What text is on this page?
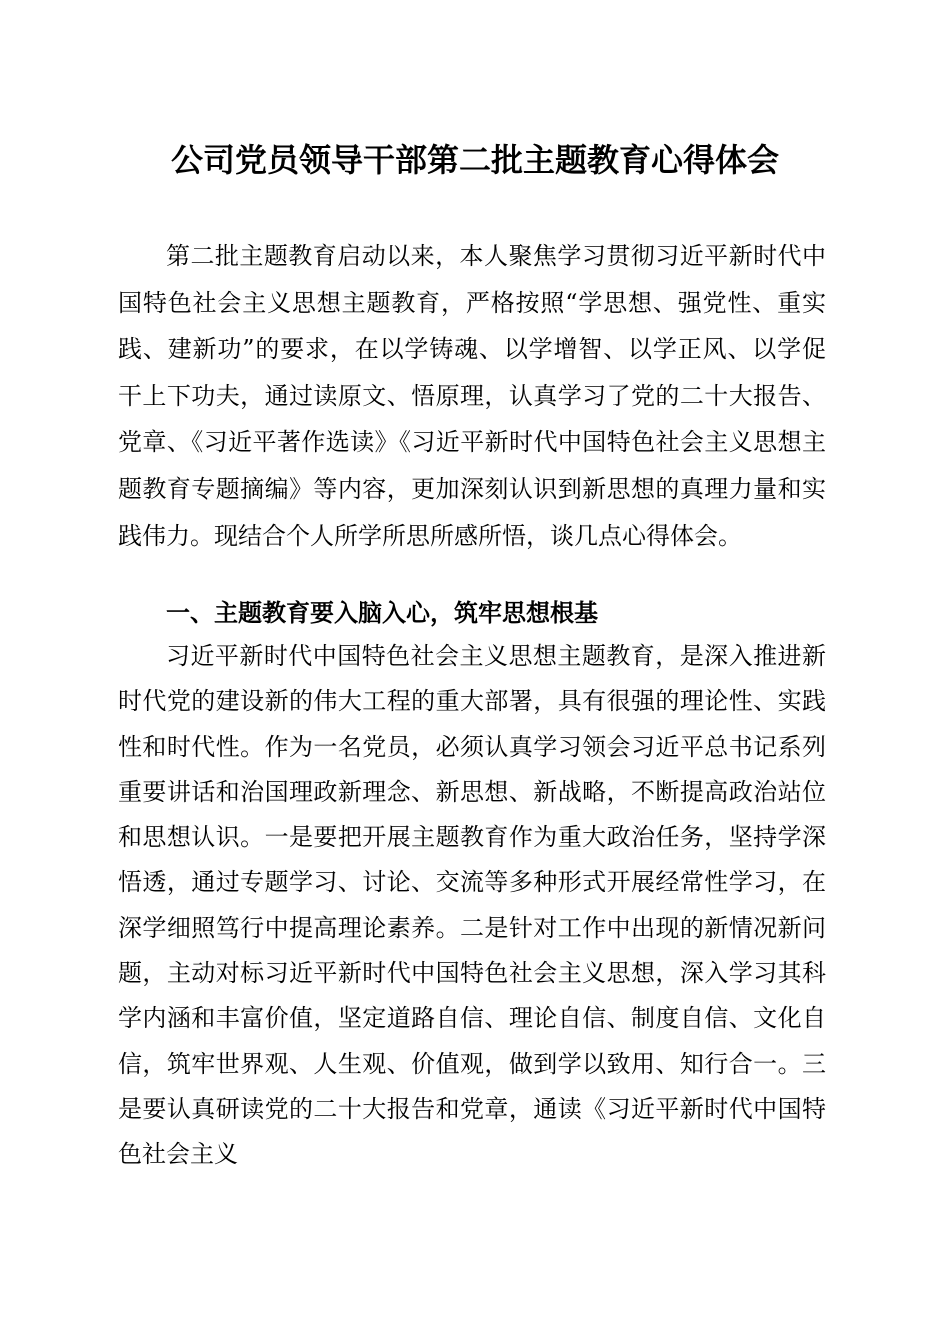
公司党员领导干部第二批主题教育心得体会

第二批主题教育启动以来，本人聚焦学习贯彻习近平新时代中国特色社会主义思想主题教育，严格按照“学思想、强党性、重实践、建新功”的要求，在以学铸魂、以学增智、以学正风、以学促干上下功夫，通过读原文、悟原理，认真学习了党的二十大报告、党章、《习近平著作选读》《习近平新时代中国特色社会主义思想主题教育专题摘编》等内容，更加深刻认识到新思想的真理力量和实践伟力。现结合个人所学所思所感所悟，谈几点心得体会。

一、主题教育要入脑入心，筑牢思想根基

习近平新时代中国特色社会主义思想主题教育，是深入推进新时代党的建设新的伟大工程的重大部署，具有很强的理论性、实践性和时代性。作为一名党员，必须认真学习领会习近平总书记系列重要讲话和治国理政新理念、新思想、新战略，不断提高政治站位和思想认识。一是要把开展主题教育作为重大政治任务，坚持学深悟透，通过专题学习、讨论、交流等多种形式开展经常性学习，在深学细照笃行中提高理论素养。二是针对工作中出现的新情况新问题，主动对标习近平新时代中国特色社会主义思想，深入学习其科学内涵和丰富价值，坚定道路自信、理论自信、制度自信、文化自信，筑牢世界观、人生观、价值观，做到学以致用、知行合一。三是要认真研读党的二十大报告和党章，通读《习近平新时代中国特色社会主义
